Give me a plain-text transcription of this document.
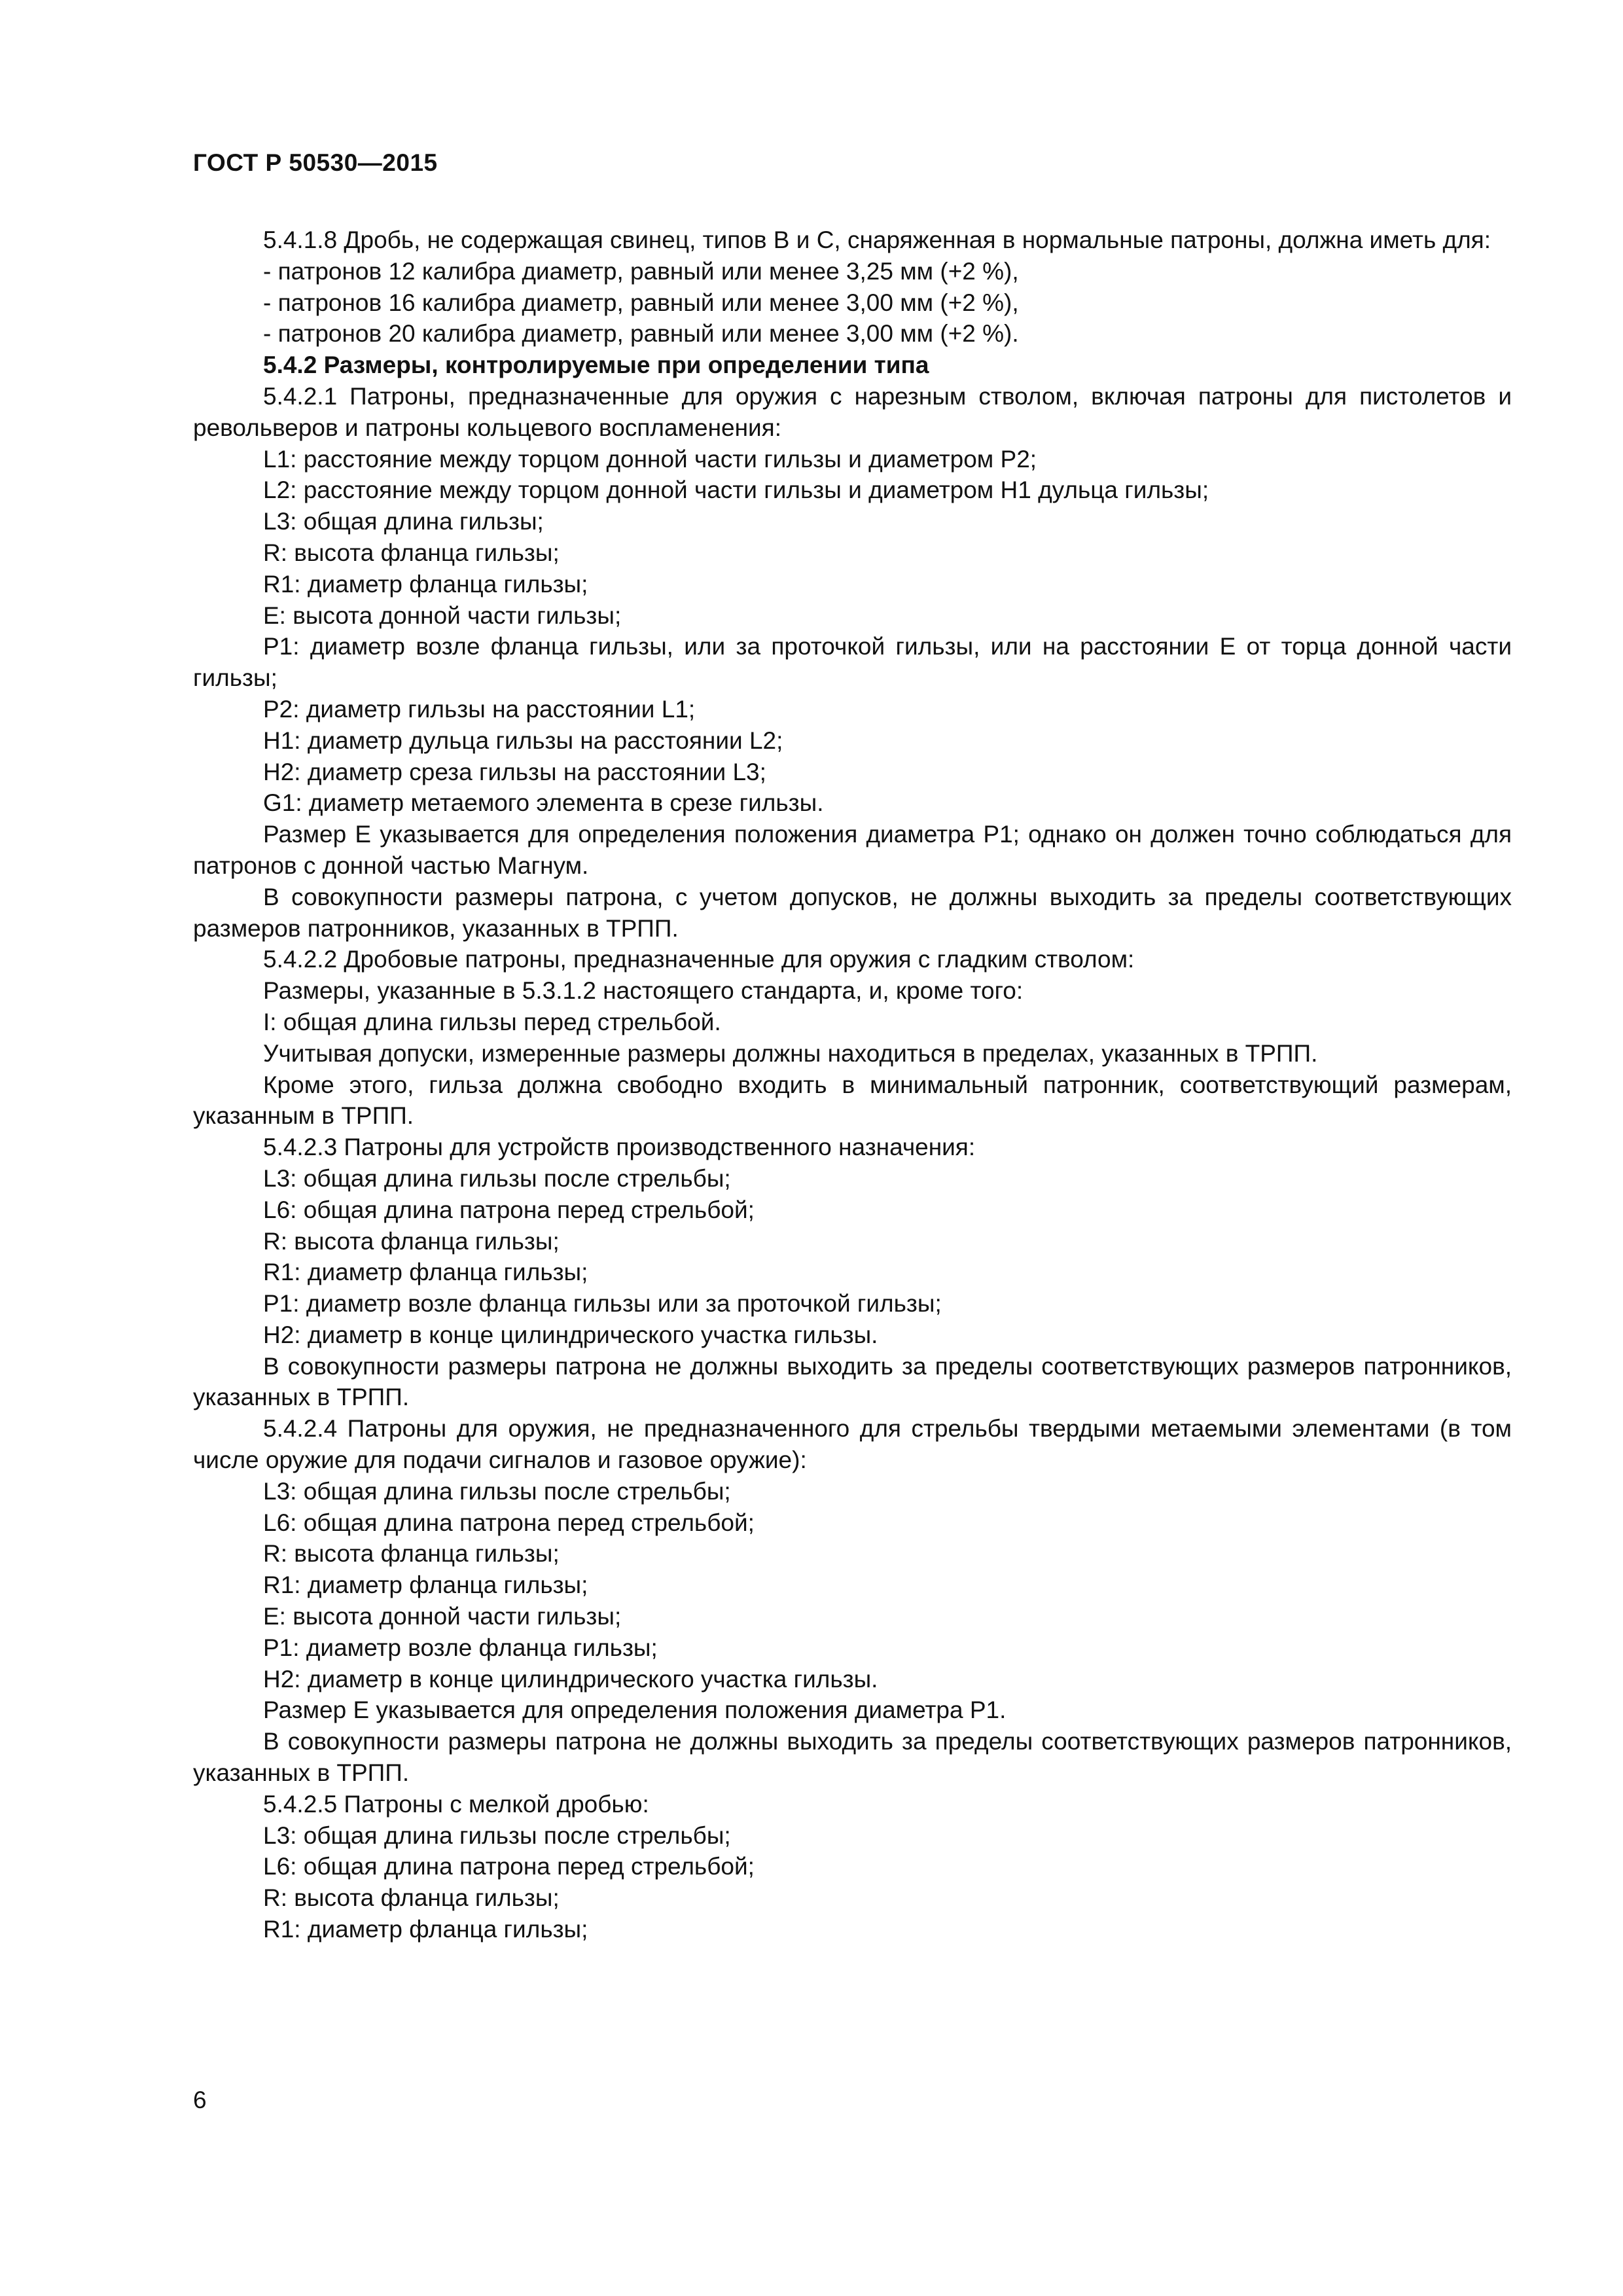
ГОСТ Р 50530—2015

5.4.1.8 Дробь, не содержащая свинец, типов В и С, снаряженная в нормальные патроны, должна иметь для:

- патронов 12 калибра диаметр, равный или менее 3,25 мм (+2 %),

- патронов 16 калибра диаметр, равный или менее 3,00 мм (+2 %),

- патронов 20 калибра диаметр, равный или менее 3,00 мм (+2 %).

5.4.2 Размеры, контролируемые при определении типа

5.4.2.1 Патроны, предназначенные для оружия с нарезным стволом, включая патроны для пистолетов и револьверов и патроны кольцевого воспламенения:

L1: расстояние между торцом донной части гильзы и диаметром Р2;

L2: расстояние между торцом донной части гильзы и диаметром Н1 дульца гильзы;

L3: общая длина гильзы;

R: высота фланца гильзы;

R1: диаметр фланца гильзы;

Е: высота донной части гильзы;

Р1: диаметр возле фланца гильзы, или за проточкой гильзы, или на расстоянии Е от торца донной части гильзы;

Р2: диаметр гильзы на расстоянии L1;

Н1: диаметр дульца гильзы на расстоянии L2;

Н2: диаметр среза гильзы на расстоянии L3;

G1: диаметр метаемого элемента в срезе гильзы.

Размер Е указывается для определения положения диаметра Р1; однако он должен точно соблюдаться для патронов с донной частью Магнум.

В совокупности размеры патрона, с учетом допусков, не должны выходить за пределы соответствующих размеров патронников, указанных в ТРПП.

5.4.2.2 Дробовые патроны, предназначенные для оружия с гладким стволом:

Размеры, указанные в 5.3.1.2 настоящего стандарта, и, кроме того:

I: общая длина гильзы перед стрельбой.

Учитывая допуски, измеренные размеры должны находиться в пределах, указанных в ТРПП.

Кроме этого, гильза должна свободно входить в минимальный патронник, соответствующий размерам, указанным в ТРПП.

5.4.2.3 Патроны для устройств производственного назначения:

L3: общая длина гильзы после стрельбы;

L6: общая длина патрона перед стрельбой;

R: высота фланца гильзы;

R1: диаметр фланца гильзы;

Р1: диаметр возле фланца гильзы или за проточкой гильзы;

Н2: диаметр в конце цилиндрического участка гильзы.

В совокупности размеры патрона не должны выходить за пределы соответствующих размеров патронников, указанных в ТРПП.

5.4.2.4 Патроны для оружия, не предназначенного для стрельбы твердыми метаемыми элементами (в том числе оружие для подачи сигналов и газовое оружие):

L3: общая длина гильзы после стрельбы;

L6: общая длина патрона перед стрельбой;

R: высота фланца гильзы;

R1: диаметр фланца гильзы;

Е: высота донной части гильзы;

Р1: диаметр возле фланца гильзы;

Н2: диаметр в конце цилиндрического участка гильзы.

Размер Е указывается для определения положения диаметра Р1.

В совокупности размеры патрона не должны выходить за пределы соответствующих размеров патронников, указанных в ТРПП.

5.4.2.5 Патроны с мелкой дробью:

L3: общая длина гильзы после стрельбы;

L6: общая длина патрона перед стрельбой;

R: высота фланца гильзы;

R1: диаметр фланца гильзы;

6
